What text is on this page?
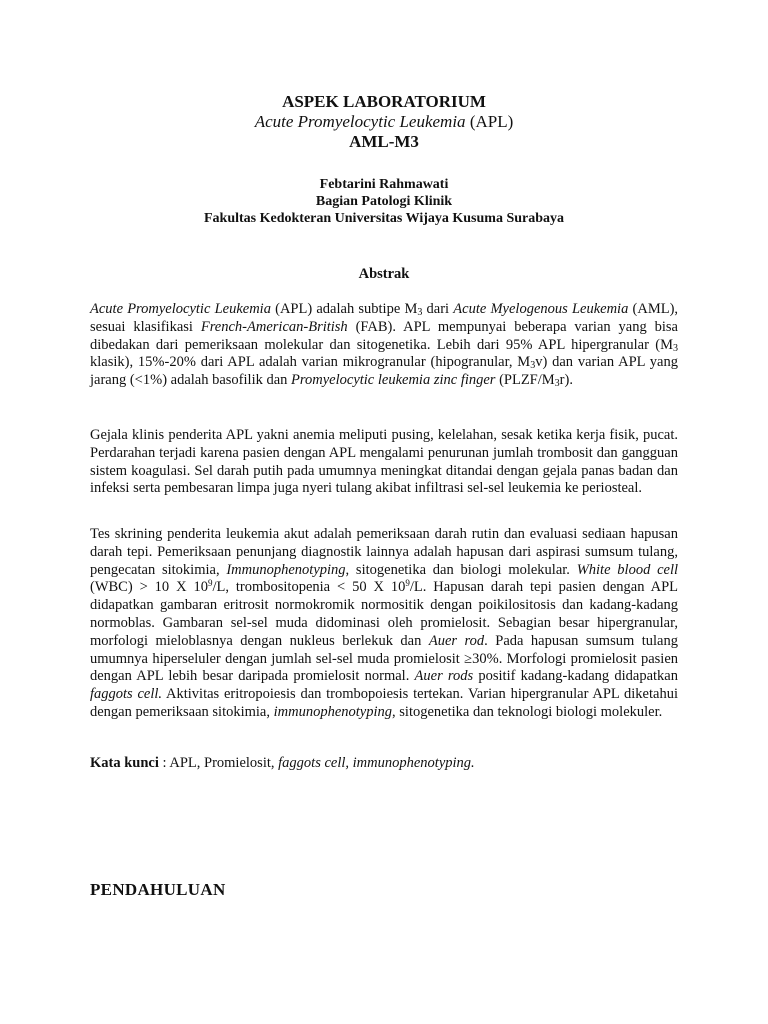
ASPEK LABORATORIUM
Acute Promyelocytic Leukemia (APL)
AML-M3
Febtarini Rahmawati
Bagian Patologi Klinik
Fakultas Kedokteran Universitas Wijaya Kusuma Surabaya
Abstrak

Acute Promyelocytic Leukemia (APL) adalah subtipe $M_3$ dari Acute Myelogenous Leukemia (AML), sesuai klasifikasi French-American-British (FAB). APL mempunyai beberapa varian yang bisa dibedakan dari pemeriksaan molekular dan sitogenetika. Lebih dari 95% APL hipergranular ($M_3$ klasik), 15%-20% dari APL adalah varian mikrogranular (hipogranular, $M_3v$) dan varian APL yang jarang (<1%) adalah basofilik dan Promyelocytic leukemia zinc finger $(PLZF/M_3r)$.

Gejala klinis penderita APL yakni anemia meliputi pusing, kelelahan, sesak ketika kerja fisik, pucat. Perdarahan terjadi karena pasien dengan APL mengalami penurunan jumlah trombosit dan gangguan sistem koagulasi. Sel darah putih pada umumnya meningkat ditandai dengan gejala panas badan dan infeksi serta pembesaran limpa juga nyeri tulang akibat infiltrasi sel-sel leukemia ke periosteal.

Tes skrining penderita leukemia akut adalah pemeriksaan darah rutin dan evaluasi sediaan hapusan darah tepi. Pemeriksaan penunjang diagnostik lainnya adalah hapusan dari aspirasi sumsum tulang, pengecatan sitokimia, Immunophenotyping, sitogenetika dan biologi molekular. White blood cell (WBC) > 10 X $10^9/L$, trombositopenia < 50 X $10^9/L$. Hapusan darah tepi pasien dengan APL didapatkan gambaran eritrosit normokromik normositik dengan poikilositosis dan kadang-kadang normoblas. Gambaran sel-sel muda didominasi oleh promielosit. Sebagian besar hipergranular, morfologi mieloblasnya dengan nukleus berlekuk dan Auer rod. Pada hapusan sumsum tulang umumnya hiperseluler dengan jumlah sel-sel muda promielosit ≥30%. Morfologi promielosit pasien dengan APL lebih besar daripada promielosit normal. Auer rods positif kadang-kadang didapatkan faggots cell. Aktivitas eritropoiesis dan trombopoiesis tertekan. Varian hipergranular APL diketahui dengan pemeriksaan sitokimia, immunophenotyping, sitogenetika dan teknologi biologi molekuler.

Kata kunci : APL, Promielosit, faggots cell, immunophenotyping.

PENDAHULUAN
